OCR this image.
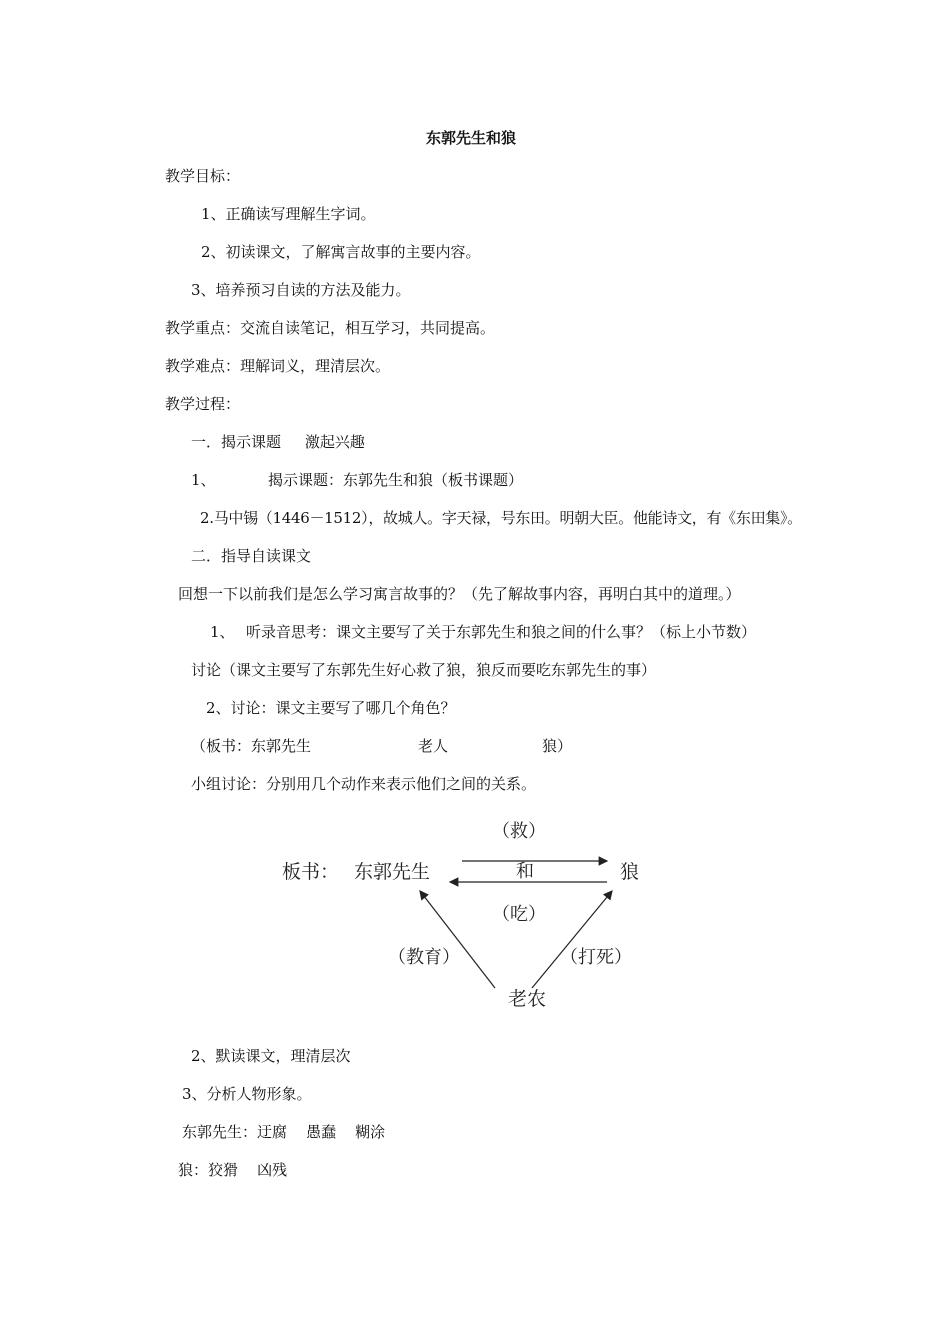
东郭先生和狼
教学目标：
1、正确读写理解生字词。
2、初读课文，了解寓言故事的主要内容。
3、培养预习自读的方法及能力。
教学重点：交流自读笔记，相互学习，共同提高。
教学难点：理解词义，理清层次。
教学过程：
一．揭示课题     激起兴趣
1、	揭示课题：东郭先生和狼（板书课题）
2.马中锡（1446－1512），故城人。字天禄，号东田。明朝大臣。他能诗文，有《东田集》。
二．指导自读课文
回想一下以前我们是怎么学习寓言故事的？（先了解故事内容，再明白其中的道理。）
1、 听录音思考：课文主要写了关于东郭先生和狼之间的什么事？（标上小节数）
讨论（课文主要写了东郭先生好心救了狼，狼反而要吃东郭先生的事）
2、讨论：课文主要写了哪几个角色？
（板书：东郭先生	老人	狼）
小组讨论：分别用几个动作来表示他们之间的关系。
（救）
板书： 东郭先生	狼
和
（吃）
（教育）	（打死）
老农
2、默读课文，理清层次
3、分析人物形象。
东郭先生：迂腐    愚蠢    糊涂
狼：狡猾    凶残
